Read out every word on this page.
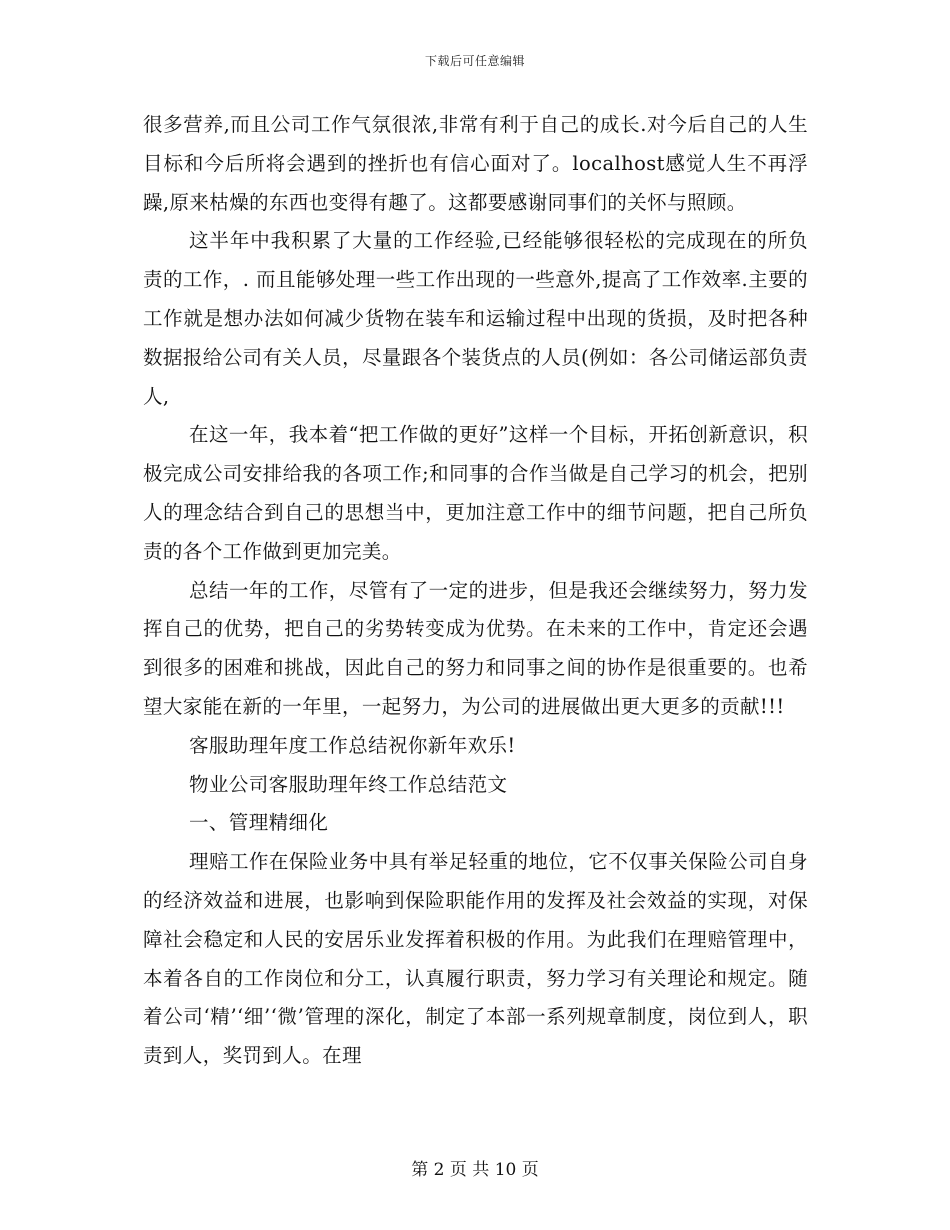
下载后可任意编辑

很多营养,而且公司工作气氛很浓,非常有利于自己的成长.对今后自己的人生目标和今后所将会遇到的挫折也有信心面对了。localhost感觉人生不再浮躁,原来枯燥的东西也变得有趣了。这都要感谢同事们的关怀与照顾。

这半年中我积累了大量的工作经验,已经能够很轻松的完成现在的所负责的工作，. 而且能够处理一些工作出现的一些意外,提高了工作效率.主要的工作就是想办法如何减少货物在装车和运输过程中出现的货损，及时把各种数据报给公司有关人员，尽量跟各个装货点的人员(例如：各公司储运部负责人,

在这一年，我本着“把工作做的更好”这样一个目标，开拓创新意识，积极完成公司安排给我的各项工作;和同事的合作当做是自己学习的机会，把别人的理念结合到自己的思想当中，更加注意工作中的细节问题，把自己所负责的各个工作做到更加完美。

总结一年的工作，尽管有了一定的进步，但是我还会继续努力，努力发挥自己的优势，把自己的劣势转变成为优势。在未来的工作中，肯定还会遇到很多的困难和挑战，因此自己的努力和同事之间的协作是很重要的。也希望大家能在新的一年里，一起努力，为公司的进展做出更大更多的贡献!!!

客服助理年度工作总结祝你新年欢乐!

物业公司客服助理年终工作总结范文

一、管理精细化

理赔工作在保险业务中具有举足轻重的地位，它不仅事关保险公司自身的经济效益和进展，也影响到保险职能作用的发挥及社会效益的实现，对保障社会稳定和人民的安居乐业发挥着积极的作用。为此我们在理赔管理中，本着各自的工作岗位和分工，认真履行职责，努力学习有关理论和规定。随着公司‘精’‘细’‘微’管理的深化，制定了本部一系列规章制度，岗位到人，职责到人，奖罚到人。在理

第 2 页 共 10 页
